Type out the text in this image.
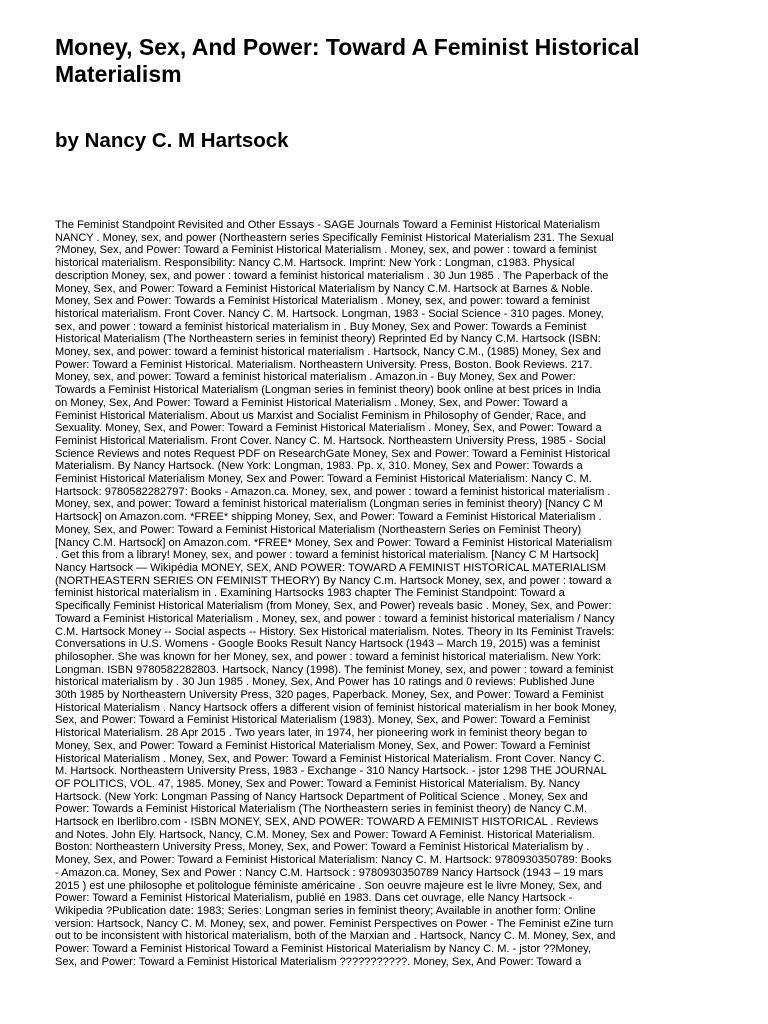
Money, Sex, And Power: Toward A Feminist Historical Materialism
by Nancy C. M Hartsock
The Feminist Standpoint Revisited and Other Essays - SAGE Journals Toward a Feminist Historical Materialism
NANCY . Money, sex, and power (Northeastern series Specifically Feminist Historical Materialism 231. The Sexual
?Money, Sex, and Power: Toward a Feminist Historical Materialism . Money, sex, and power : toward a feminist
historical materialism. Responsibility: Nancy C.M. Hartsock. Imprint: New York : Longman, c1983. Physical
description Money, sex, and power : toward a feminist historical materialism . 30 Jun 1985 . The Paperback of the
Money, Sex, and Power: Toward a Feminist Historical Materialism by Nancy C.M. Hartsock at Barnes & Noble.
Money, Sex and Power: Towards a Feminist Historical Materialism . Money, sex, and power: toward a feminist
historical materialism. Front Cover. Nancy C. M. Hartsock. Longman, 1983 - Social Science - 310 pages. Money,
sex, and power : toward a feminist historical materialism in . Buy Money, Sex and Power: Towards a Feminist
Historical Materialism (The Northeastern series in feminist theory) Reprinted Ed by Nancy C.M. Hartsock (ISBN:
Money, sex, and power: toward a feminist historical materialism . Hartsock, Nancy C.M., (1985) Money, Sex and
Power: Toward a Feminist Historical. Materialism. Northeastern University. Press, Boston. Book Reviews. 217.
Money, sex, and power: Toward a feminist historical materialism . Amazon.in - Buy Money, Sex and Power:
Towards a Feminist Historical Materialism (Longman series in feminist theory) book online at best prices in India
on Money, Sex, And Power: Toward a Feminist Historical Materialism . Money, Sex, and Power: Toward a
Feminist Historical Materialism. About us Marxist and Socialist Feminism in Philosophy of Gender, Race, and
Sexuality. Money, Sex, and Power: Toward a Feminist Historical Materialism . Money, Sex, and Power: Toward a
Feminist Historical Materialism. Front Cover. Nancy C. M. Hartsock. Northeastern University Press, 1985 - Social
Science Reviews and notes Request PDF on ResearchGate Money, Sex and Power: Toward a Feminist Historical
Materialism. By Nancy Hartsock. (New York: Longman, 1983. Pp. x, 310. Money, Sex and Power: Towards a
Feminist Historical Materialism Money, Sex and Power: Toward a Feminist Historical Materialism: Nancy C. M.
Hartsock: 9780582282797: Books - Amazon.ca. Money, sex, and power : toward a feminist historical materialism .
Money, sex, and power: Toward a feminist historical materialism (Longman series in feminist theory) [Nancy C M
Hartsock] on Amazon.com. *FREE* shipping Money, Sex, and Power: Toward a Feminist Historical Materialism .
Money, Sex, and Power: Toward a Feminist Historical Materialism (Northeastern Series on Feminist Theory)
[Nancy C.M. Hartsock] on Amazon.com. *FREE* Money, Sex and Power: Toward a Feminist Historical Materialism
. Get this from a library! Money, sex, and power : toward a feminist historical materialism. [Nancy C M Hartsock]
Nancy Hartsock — Wikipédia MONEY, SEX, AND POWER: TOWARD A FEMINIST HISTORICAL MATERIALISM
(NORTHEASTERN SERIES ON FEMINIST THEORY) By Nancy C.m. Hartsock Money, sex, and power : toward a
feminist historical materialism in . Examining Hartsocks 1983 chapter The Feminist Standpoint: Toward a
Specifically Feminist Historical Materialism (from Money, Sex, and Power) reveals basic . Money, Sex, and Power:
Toward a Feminist Historical Materialism . Money, sex, and power : toward a feminist historical materialism / Nancy
C.M. Hartsock Money -- Social aspects -- History. Sex Historical materialism. Notes. Theory in Its Feminist Travels:
Conversations in U.S. Womens - Google Books Result Nancy Hartsock (1943 – March 19, 2015) was a feminist
philosopher. She was known for her Money, sex, and power : toward a feminist historical materialism. New York:
Longman. ISBN 9780582282803. Hartsock, Nancy (1998). The feminist Money, sex, and power : toward a feminist
historical materialism by . 30 Jun 1985 . Money, Sex, And Power has 10 ratings and 0 reviews: Published June
30th 1985 by Northeastern University Press, 320 pages, Paperback. Money, Sex, and Power: Toward a Feminist
Historical Materialism . Nancy Hartsock offers a different vision of feminist historical materialism in her book Money,
Sex, and Power: Toward a Feminist Historical Materialism (1983). Money, Sex, and Power: Toward a Feminist
Historical Materialism. 28 Apr 2015 . Two years later, in 1974, her pioneering work in feminist theory began to
Money, Sex, and Power: Toward a Feminist Historical Materialism Money, Sex, and Power: Toward a Feminist
Historical Materialism . Money, Sex, and Power: Toward a Feminist Historical Materialism. Front Cover. Nancy C.
M. Hartsock. Northeastern University Press, 1983 - Exchange - 310 Nancy Hartsock. - jstor 1298 THE JOURNAL
OF POLITICS, VOL. 47, 1985. Money, Sex and Power: Toward a Feminist Historical Materialism. By. Nancy
Hartsock. (New York: Longman Passing of Nancy Hartsock Department of Political Science . Money, Sex and
Power: Towards a Feminist Historical Materialism (The Northeastern series in feminist theory) de Nancy C.M.
Hartsock en Iberlibro.com - ISBN MONEY, SEX, AND POWER: TOWARD A FEMINIST HISTORICAL . Reviews
and Notes. John Ely. Hartsock, Nancy, C.M. Money, Sex and Power: Toward A Feminist. Historical Materialism.
Boston: Northeastern University Press, Money, Sex, and Power: Toward a Feminist Historical Materialism by .
Money, Sex, and Power: Toward a Feminist Historical Materialism: Nancy C. M. Hartsock: 9780930350789: Books
- Amazon.ca. Money, Sex and Power : Nancy C.M. Hartsock : 9780930350789 Nancy Hartsock (1943 – 19 mars
2015 ) est une philosophe et politologue féministe américaine . Son oeuvre majeure est le livre Money, Sex, and
Power: Toward a Feminist Historical Materialism, publié en 1983. Dans cet ouvrage, elle Nancy Hartsock -
Wikipedia ?Publication date: 1983; Series: Longman series in feminist theory; Available in another form: Online
version: Hartsock, Nancy C. M. Money, sex, and power. Feminist Perspectives on Power - The Feminist eZine turn
out to be inconsistent with historical materialism, both of the Marxian and . Hartsock, Nancy C. M. Money, Sex, and
Power: Toward a Feminist Historical Toward a Feminist Historical Materialism by Nancy C. M. - jstor ??Money,
Sex, and Power: Toward a Feminist Historical Materialism ???????????. Money, Sex, And Power: Toward a
